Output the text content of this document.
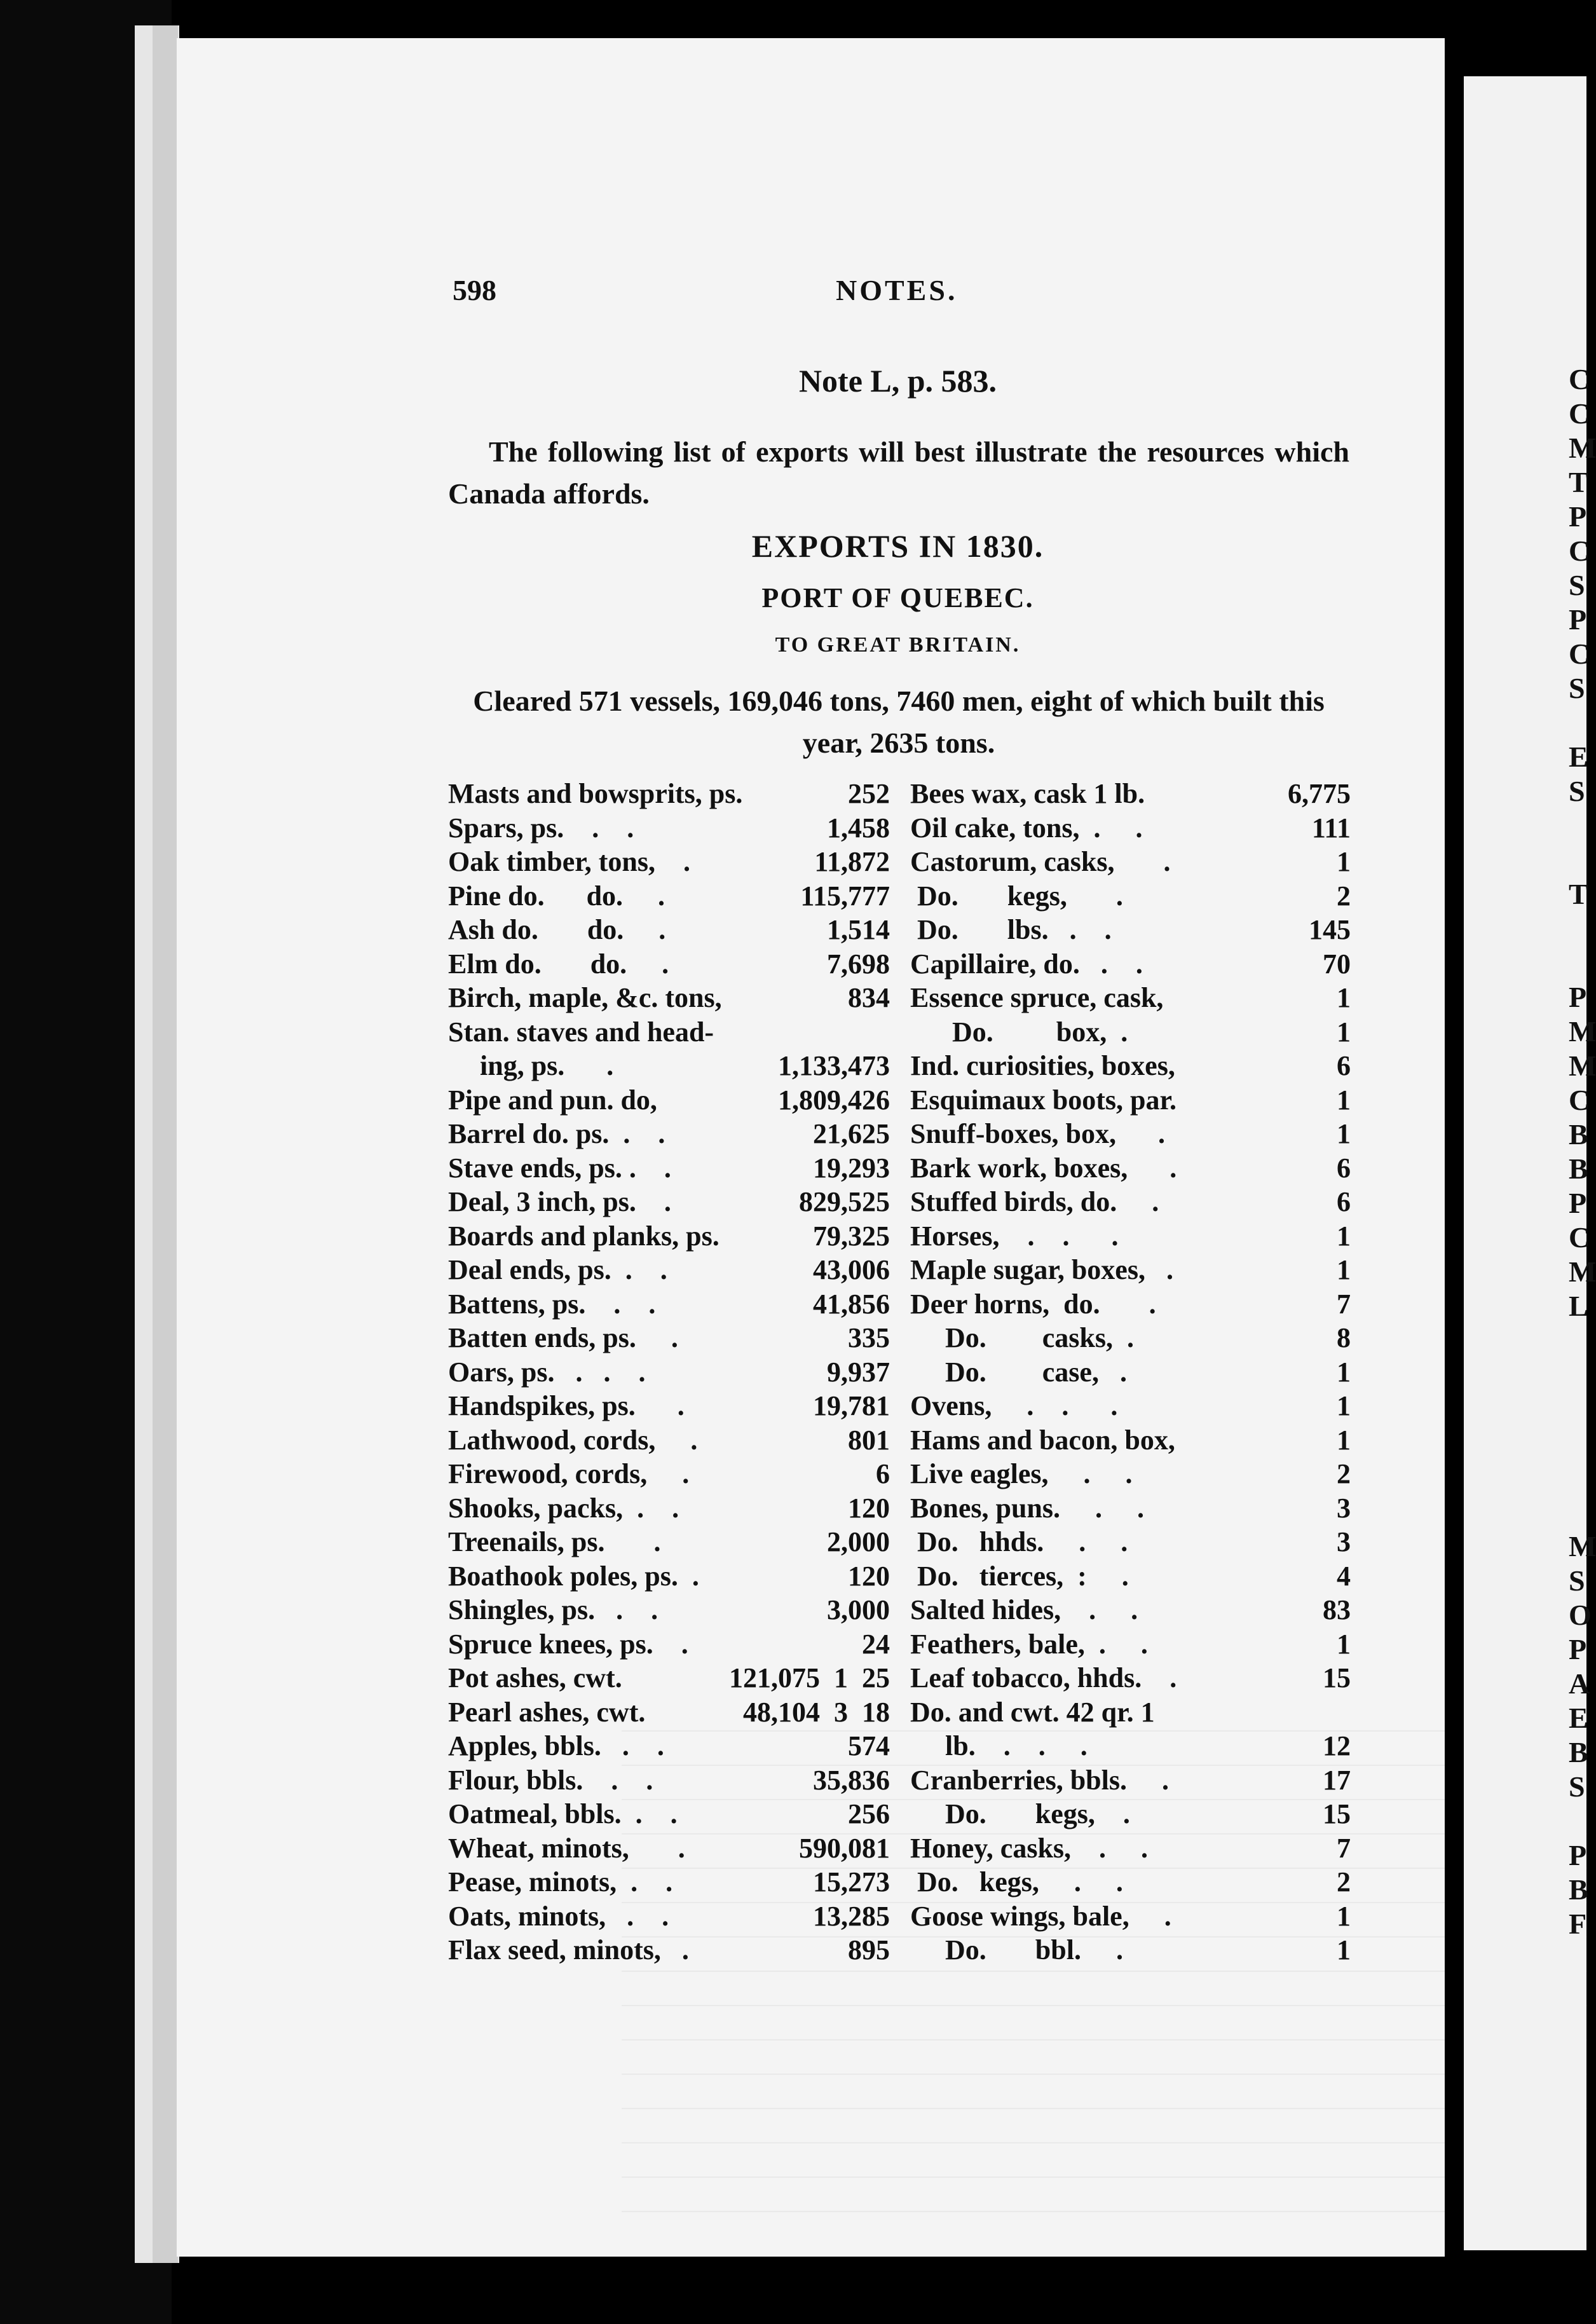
C
C
M
T
P
C
S
P
C
S
E
S
T
P
M
M
C
B
B
P
C
M
L
M
S
O
P
A
E
B
S
P
B
F
598	NOTES.
Note L, p. 583.
The following list of exports will best illustrate the resources which Canada affords.
EXPORTS IN 1830.
PORT OF QUEBEC.
TO GREAT BRITAIN.
Cleared 571 vessels, 169,046 tons, 7460 men, eight of which built this year, 2635 tons.
Masts and bowsprits, ps.	252
Spars, ps.    .    .	1,458
Oak timber, tons,    .	11,872
Pine do.      do.     .	115,777
Ash do.       do.     .	1,514
Elm do.       do.     .	7,698
Birch, maple, &c. tons,	834
Stan. staves and head-
ing, ps.      .	1,133,473
Pipe and pun. do,	1,809,426
Barrel do. ps.  .    .	21,625
Stave ends, ps. .    .	19,293
Deal, 3 inch, ps.    .	829,525
Boards and planks, ps.	79,325
Deal ends, ps.  .    .	43,006
Battens, ps.    .    .	41,856
Batten ends, ps.     .	335
Oars, ps.   .   .    .	9,937
Handspikes, ps.      .	19,781
Lathwood, cords,     .	801
Firewood, cords,     .	6
Shooks, packs,  .    .	120
Treenails, ps.       .	2,000
Boathook poles, ps.  .	120
Shingles, ps.   .    .	3,000
Spruce knees, ps.    .	24
Pot ashes, cwt.	121,075  1  25
Pearl ashes, cwt.	48,104  3  18
Apples, bbls.   .    .	574
Flour, bbls.    .    .	35,836
Oatmeal, bbls.  .    .	256
Wheat, minots,       .	590,081
Pease, minots,  .    .	15,273
Oats, minots,   .    .	13,285
Flax seed, minots,   .	895
Bees wax, cask 1 lb.	6,775
Oil cake, tons,  .     .	111
Castorum, casks,       .	1
Do.       kegs,       .	2
Do.       lbs.   .    .	145
Capillaire, do.   .    .	70
Essence spruce, cask,	1
Do.         box,  .	1
Ind. curiosities, boxes,	6
Esquimaux boots, par.	1
Snuff-boxes, box,      .	1
Bark work, boxes,      .	6
Stuffed birds, do.     .	6
Horses,    .    .      .	1
Maple sugar, boxes,   .	1
Deer horns,  do.       .	7
Do.        casks,  .	8
Do.        case,   .	1
Ovens,     .    .      .	1
Hams and bacon, box,	1
Live eagles,     .     .	2
Bones, puns.     .     .	3
Do.   hhds.     .     .	3
Do.   tierces,  :     .	4
Salted hides,    .     .	83
Feathers, bale,  .     .	1
Leaf tobacco, hhds.    .	15
Do. and cwt. 42 qr. 1
lb.    .    .     .	12
Cranberries, bbls.     .	17
Do.       kegs,    .	15
Honey, casks,    .     .	7
Do.   kegs,     .     .	2
Goose wings, bale,     .	1
Do.       bbl.     .	1
